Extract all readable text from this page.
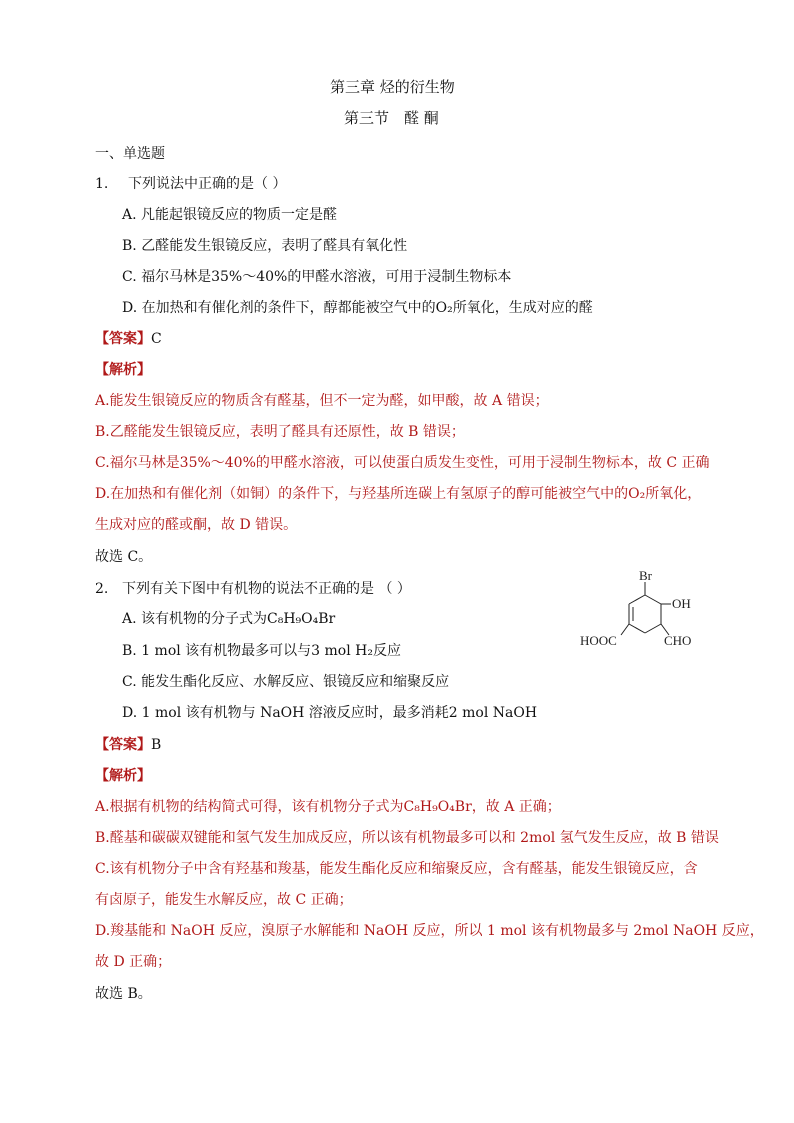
第三章 烃的衍生物
第三节　醛 酮
一、单选题
1. 下列说法中正确的是（ ）
A. 凡能起银镜反应的物质一定是醛
B. 乙醛能发生银镜反应，表明了醛具有氧化性
C. 福尔马林是35%～40%的甲醛水溶液，可用于浸制生物标本
D. 在加热和有催化剂的条件下，醇都能被空气中的O₂所氧化，生成对应的醛
【答案】C
【解析】
A.能发生银镜反应的物质含有醛基，但不一定为醛，如甲酸，故 A 错误；
B.乙醛能发生银镜反应，表明了醛具有还原性，故 B 错误；
C.福尔马林是35%～40%的甲醛水溶液，可以使蛋白质发生变性，可用于浸制生物标本，故 C 正确
D.在加热和有催化剂（如铜）的条件下，与羟基所连碳上有氢原子的醇可能被空气中的O₂所氧化，
生成对应的醛或酮，故 D 错误。
故选 C。
2. 下列有关下图中有机物的说法不正确的是 （ ）
A. 该有机物的分子式为C₈H₉O₄Br
B. 1 mol 该有机物最多可以与3 mol H₂反应
C. 能发生酯化反应、水解反应、银镜反应和缩聚反应
D. 1 mol 该有机物与 NaOH 溶液反应时，最多消耗2 mol NaOH
Br
OH
HOOC	CHO
【答案】B
【解析】
A.根据有机物的结构简式可得，该有机物分子式为C₈H₉O₄Br，故 A 正确；
B.醛基和碳碳双键能和氢气发生加成反应，所以该有机物最多可以和 2mol 氢气发生反应，故 B 错误
C.该有机物分子中含有羟基和羧基，能发生酯化反应和缩聚反应，含有醛基，能发生银镜反应，含
有卤原子，能发生水解反应，故 C 正确；
D.羧基能和 NaOH 反应，溴原子水解能和 NaOH 反应，所以 1 mol 该有机物最多与 2mol NaOH 反应，
故 D 正确；
故选 B。
